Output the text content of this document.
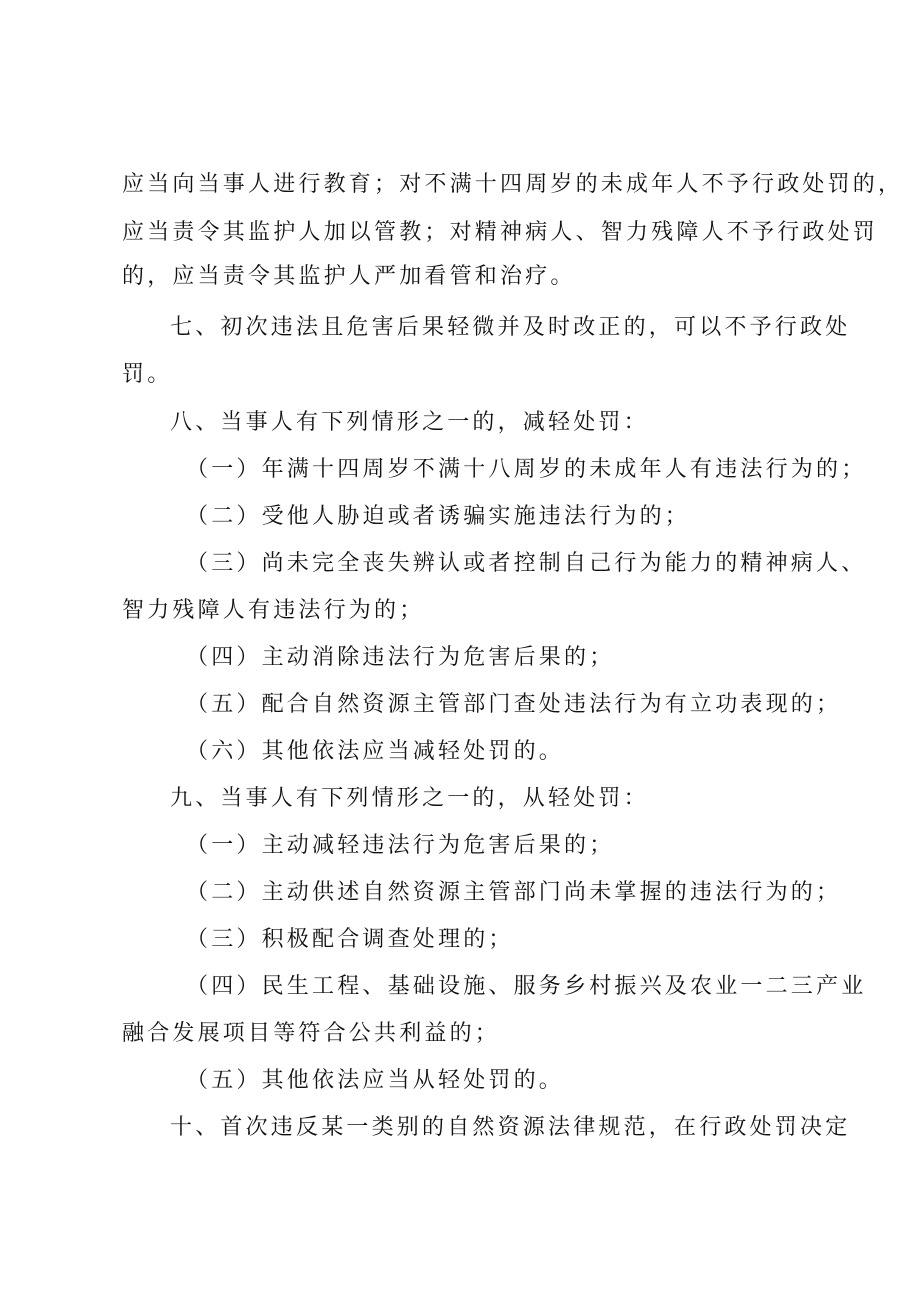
应当向当事人进行教育；对不满十四周岁的未成年人不予行政处罚的，
应当责令其监护人加以管教；对精神病人、智力残障人不予行政处罚
的，应当责令其监护人严加看管和治疗。
七、初次违法且危害后果轻微并及时改正的，可以不予行政处
罚。
八、当事人有下列情形之一的，减轻处罚：
（一）年满十四周岁不满十八周岁的未成年人有违法行为的；
（二）受他人胁迫或者诱骗实施违法行为的；
（三）尚未完全丧失辨认或者控制自己行为能力的精神病人、
智力残障人有违法行为的；
（四）主动消除违法行为危害后果的；
（五）配合自然资源主管部门查处违法行为有立功表现的；
（六）其他依法应当减轻处罚的。
九、当事人有下列情形之一的，从轻处罚：
（一）主动减轻违法行为危害后果的；
（二）主动供述自然资源主管部门尚未掌握的违法行为的；
（三）积极配合调查处理的；
（四）民生工程、基础设施、服务乡村振兴及农业一二三产业
融合发展项目等符合公共利益的；
（五）其他依法应当从轻处罚的。
十、首次违反某一类别的自然资源法律规范，在行政处罚决定
